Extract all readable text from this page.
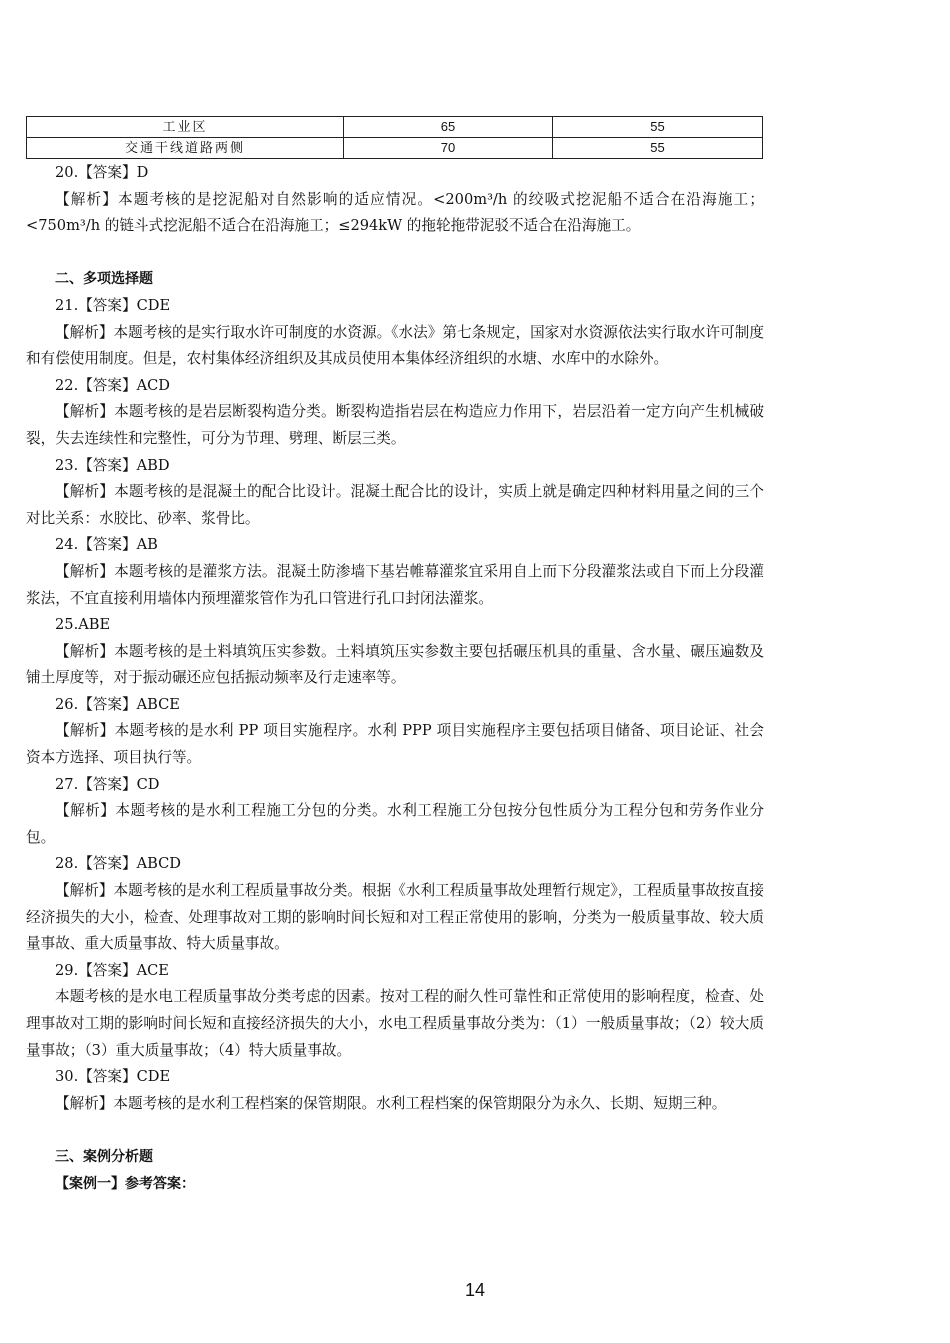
工业区	65	55
交通干线道路两侧	70	55

20.【答案】D

【解析】本题考核的是挖泥船对自然影响的适应情况。<200m³/h 的绞吸式挖泥船不适合在沿海施工；<750m³/h 的链斗式挖泥船不适合在沿海施工；≤294kW 的拖轮拖带泥驳不适合在沿海施工。

二、多项选择题

21.【答案】CDE

【解析】本题考核的是实行取水许可制度的水资源。《水法》第七条规定，国家对水资源依法实行取水许可制度和有偿使用制度。但是，农村集体经济组织及其成员使用本集体经济组织的水塘、水库中的水除外。

22.【答案】ACD

【解析】本题考核的是岩层断裂构造分类。断裂构造指岩层在构造应力作用下，岩层沿着一定方向产生机械破裂，失去连续性和完整性，可分为节理、劈理、断层三类。

23.【答案】ABD

【解析】本题考核的是混凝土的配合比设计。混凝土配合比的设计，实质上就是确定四种材料用量之间的三个对比关系：水胶比、砂率、浆骨比。

24.【答案】AB

【解析】本题考核的是灌浆方法。混凝土防渗墙下基岩帷幕灌浆宜采用自上而下分段灌浆法或自下而上分段灌浆法，不宜直接利用墙体内预埋灌浆管作为孔口管进行孔口封闭法灌浆。

25.ABE

【解析】本题考核的是土料填筑压实参数。土料填筑压实参数主要包括碾压机具的重量、含水量、碾压遍数及铺土厚度等，对于振动碾还应包括振动频率及行走速率等。

26.【答案】ABCE

【解析】本题考核的是水利 PP 项目实施程序。水利 PPP 项目实施程序主要包括项目储备、项目论证、社会资本方选择、项目执行等。

27.【答案】CD

【解析】本题考核的是水利工程施工分包的分类。水利工程施工分包按分包性质分为工程分包和劳务作业分包。

28.【答案】ABCD

【解析】本题考核的是水利工程质量事故分类。根据《水利工程质量事故处理暂行规定》，工程质量事故按直接经济损失的大小，检查、处理事故对工期的影响时间长短和对工程正常使用的影响，分类为一般质量事故、较大质量事故、重大质量事故、特大质量事故。

29.【答案】ACE

本题考核的是水电工程质量事故分类考虑的因素。按对工程的耐久性可靠性和正常使用的影响程度，检查、处理事故对工期的影响时间长短和直接经济损失的大小，水电工程质量事故分类为：（1）一般质量事故；（2）较大质量事故；（3）重大质量事故；（4）特大质量事故。

30.【答案】CDE

【解析】本题考核的是水利工程档案的保管期限。水利工程档案的保管期限分为永久、长期、短期三种。

三、案例分析题

【案例一】参考答案：

14
